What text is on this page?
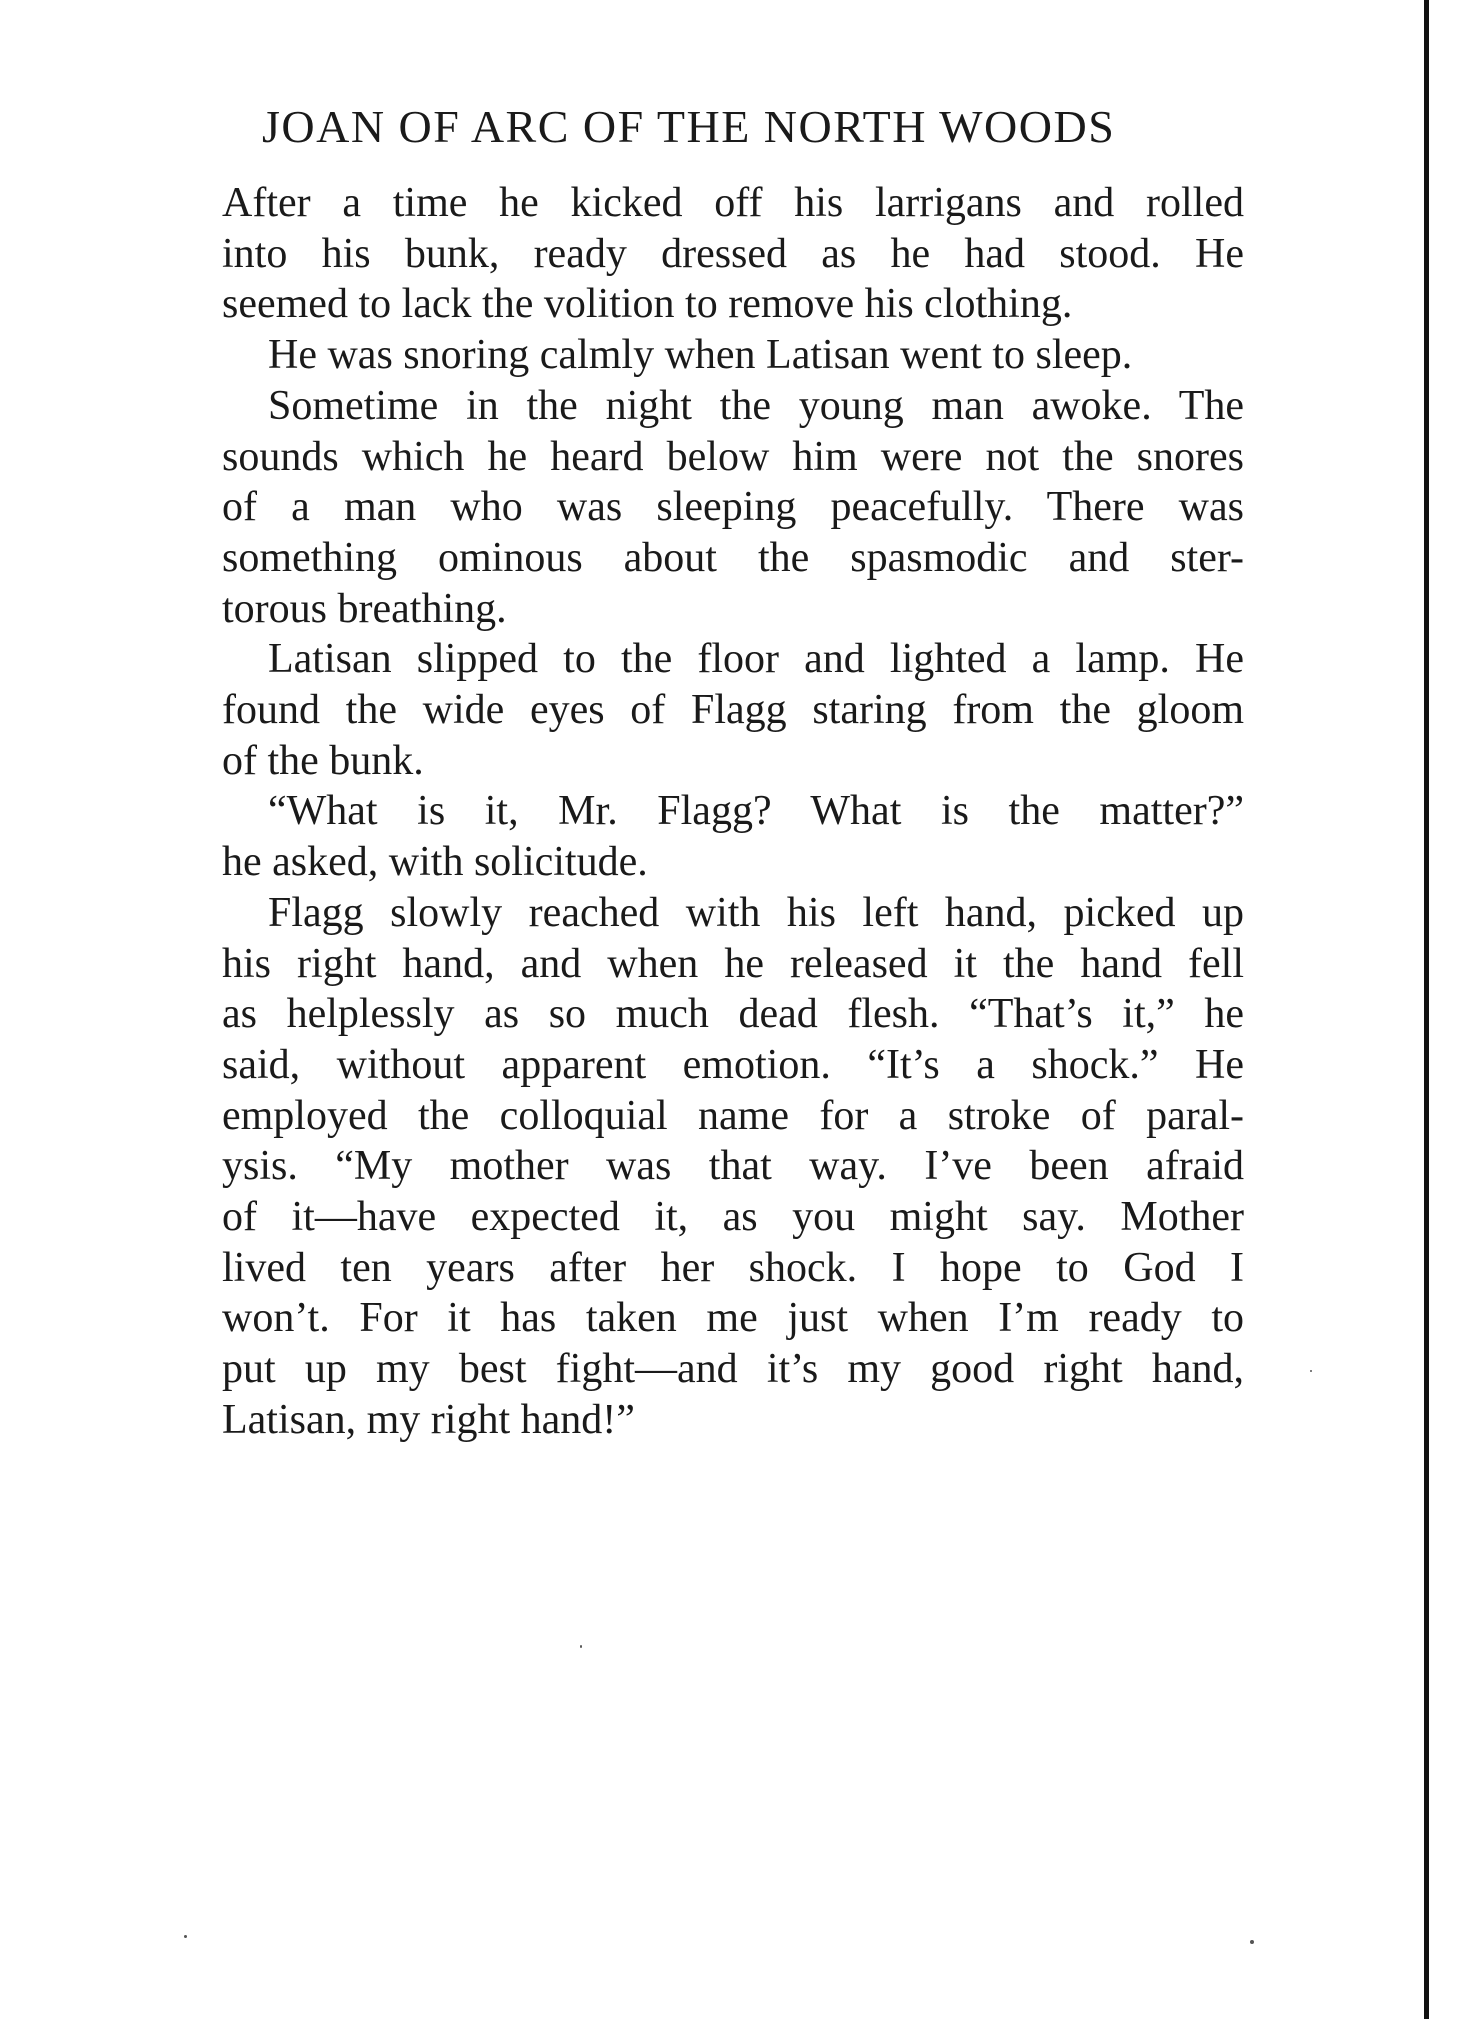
JOAN OF ARC OF THE NORTH WOODS

After a time he kicked off his larrigans and rolled
into his bunk, ready dressed as he had stood. He
seemed to lack the volition to remove his clothing.

He was snoring calmly when Latisan went to sleep.

Sometime in the night the young man awoke. The
sounds which he heard below him were not the snores
of a man who was sleeping peacefully. There was
something ominous about the spasmodic and ster-
torous breathing.

Latisan slipped to the floor and lighted a lamp. He
found the wide eyes of Flagg staring from the gloom
of the bunk.

“What is it, Mr. Flagg? What is the matter?”
he asked, with solicitude.

Flagg slowly reached with his left hand, picked up
his right hand, and when he released it the hand fell
as helplessly as so much dead flesh. “That’s it,” he
said, without apparent emotion. “It’s a shock.” He
employed the colloquial name for a stroke of paral-
ysis. “My mother was that way. I’ve been afraid
of it—have expected it, as you might say. Mother
lived ten years after her shock. I hope to God I
won’t. For it has taken me just when I’m ready to
put up my best fight—and it’s my good right hand,
Latisan, my right hand!”
